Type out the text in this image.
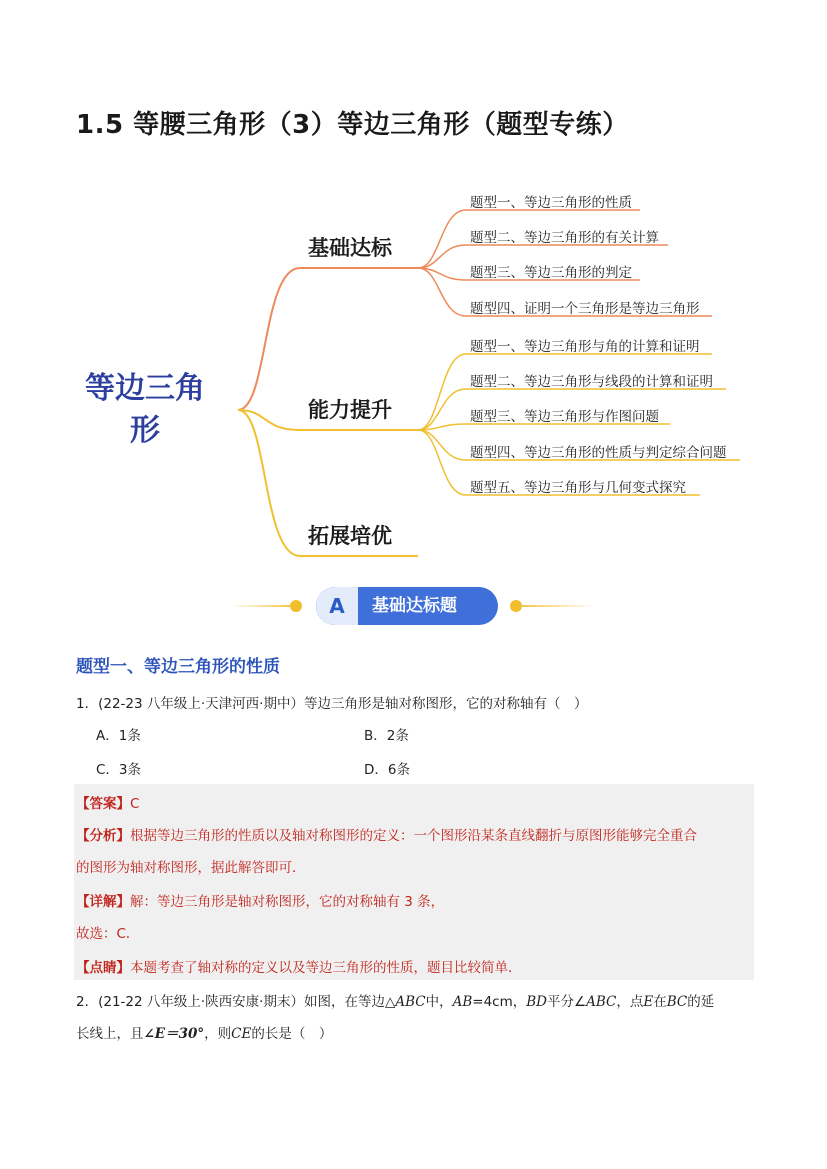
1.5 等腰三角形（3）等边三角形（题型专练）
等边三角
形
基础达标
能力提升
拓展培优
题型一、等边三角形的性质
题型二、等边三角形的有关计算
题型三、等边三角形的判定
题型四、证明一个三角形是等边三角形
题型一、等边三角形与角的计算和证明
题型二、等边三角形与线段的计算和证明
题型三、等边三角形与作图问题
题型四、等边三角形的性质与判定综合问题
题型五、等边三角形与几何变式探究
A	基础达标题
题型一、等边三角形的性质
1．(22-23 八年级上·天津河西·期中）等边三角形是轴对称图形，它的对称轴有（　）
A．1条	B．2条
C．3条	D．6条
【答案】C
【分析】根据等边三角形的性质以及轴对称图形的定义：一个图形沿某条直线翻折与原图形能够完全重合
的图形为轴对称图形，据此解答即可．
【详解】解：等边三角形是轴对称图形，它的对称轴有 3 条，
故选：C．
【点睛】本题考查了轴对称的定义以及等边三角形的性质，题目比较简单．
2．(21-22 八年级上·陕西安康·期末）如图，在等边△ABC中，AB=4cm，BD平分∠ABC，点E在BC的延
长线上，且∠E＝30°，则CE的长是（　）
